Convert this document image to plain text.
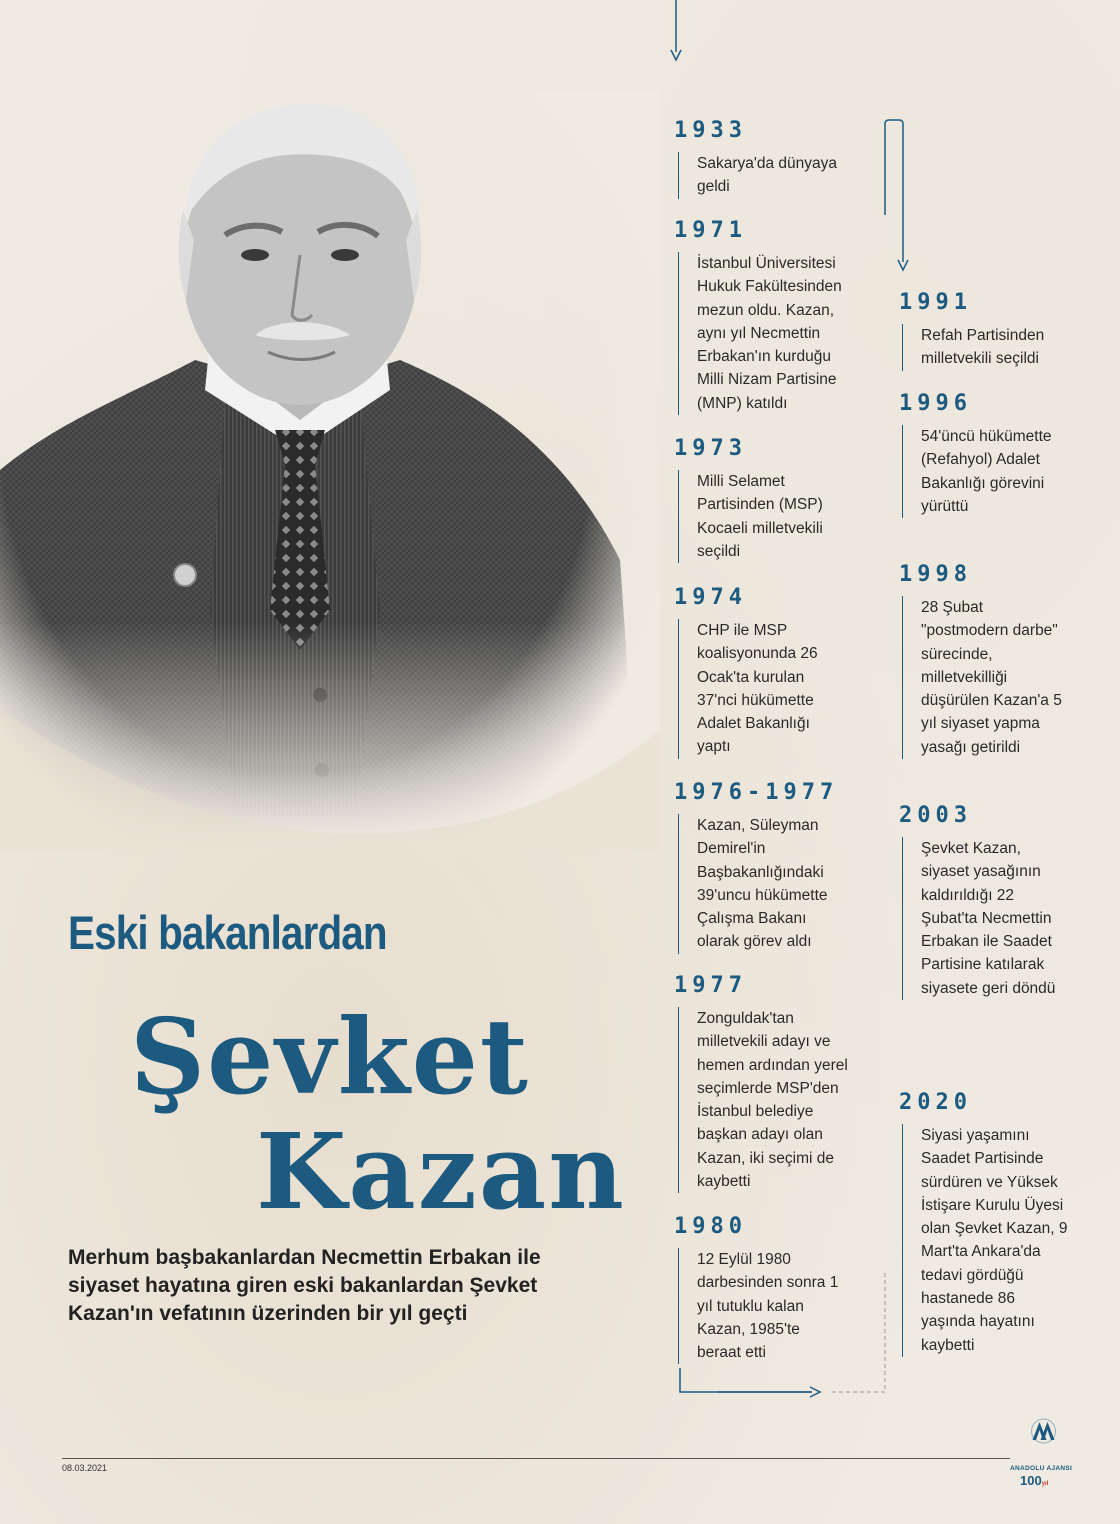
Eski bakanlardan
Şevket
Kazan
Merhum başbakanlardan Necmettin Erbakan ile siyaset hayatına giren eski bakanlardan Şevket Kazan'ın vefatının üzerinden bir yıl geçti
1933
Sakarya'da dünyaya geldi
1971
İstanbul Üniversitesi Hukuk Fakültesinden mezun oldu. Kazan, aynı yıl Necmettin Erbakan'ın kurduğu Milli Nizam Partisine (MNP) katıldı
1973
Milli Selamet Partisinden (MSP) Kocaeli milletvekili seçildi
1974
CHP ile MSP koalisyonunda 26 Ocak'ta kurulan 37'nci hükümette Adalet Bakanlığı yaptı
1976-1977
Kazan, Süleyman Demirel'in Başbakanlığındaki 39'uncu hükümette Çalışma Bakanı olarak görev aldı
1977
Zonguldak'tan milletvekili adayı ve hemen ardından yerel seçimlerde MSP'den İstanbul belediye başkan adayı olan Kazan, iki seçimi de kaybetti
1980
12 Eylül 1980 darbesinden sonra 1 yıl tutuklu kalan Kazan, 1985'te beraat etti
1991
Refah Partisinden milletvekili seçildi
1996
54'üncü hükümette (Refahyol) Adalet Bakanlığı görevini yürüttü
1998
28 Şubat "postmodern darbe" sürecinde, milletvekilliği düşürülen Kazan'a 5 yıl siyaset yapma yasağı getirildi
2003
Şevket Kazan, siyaset yasağının kaldırıldığı 22 Şubat'ta Necmettin Erbakan ile Saadet Partisine katılarak siyasete geri döndü
2020
Siyasi yaşamını Saadet Partisinde sürdüren ve Yüksek İstişare Kurulu Üyesi olan Şevket Kazan, 9 Mart'ta Ankara'da tedavi gördüğü hastanede 86 yaşında hayatını kaybetti
08.03.2021	ANADOLU AJANSI
100yıl
